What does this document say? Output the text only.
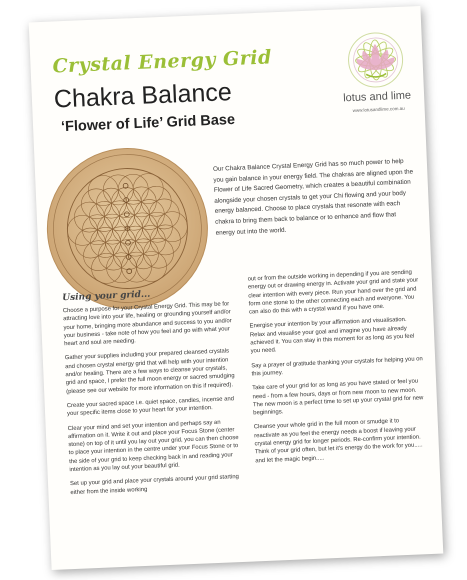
Crystal Energy Grid
Chakra Balance
‘Flower of Life’ Grid Base
lotus and lime
www.lotusandlime.com.au

Our Chakra Balance Crystal Energy Grid has so much power to help you gain balance in your energy field. The chakras are aligned upon the Flower of Life Sacred Geometry, which creates a beautiful combination alongside your chosen crystals to get your Chi flowing and your body energy balanced. Choose to place crystals that resonate with each chakra to bring them back to balance or to enhance and flow that energy out into the world.

Using your grid...

Choose a purpose for your Crystal Energy Grid. This may be for attracting love into your life, healing or grounding yourself and/or your home, bringing more abundance and success to you and/or your business - take note of how you feel and go with what your heart and soul are needing.

Gather your supplies including your prepared cleansed crystals and chosen crystal energy grid that will help with your intention and/or healing. There are a few ways to cleanse your crystals, grid and space, I prefer the full moon energy or sacred smudging (please see our website for more information on this if required).

Create your sacred space i.e. quiet space, candles, incense and your specific items close to your heart for your intention.

Clear your mind and set your intention and perhaps say an affirmation on it. Write it out and place your Focus Stone (center stone) on top of it until you lay out your grid, you can then choose to place your intention in the centre under your Focus Stone or to the side of your grid to keep checking back in and reading your intention as you lay out your beautiful grid.

Set up your grid and place your crystals around your grid starting either from the inside working

out or from the outside working in depending if you are sending energy out or drawing energy in. Activate your grid and state your clear intention with every piece. Run your hand over the grid and form one stone to the other connecting each and everyone. You can also do this with a crystal wand if you have one.

Energise your intention by your affirmation and visualisation. Relax and visualise your goal and imagine you have already achieved it. You can stay in this moment for as long as you feel you need.

Say a prayer of gratitude thanking your crystals for helping you on this journey.

Take care of your grid for as long as you have stated or feel you need - from a few hours, days or from new moon to new moon. The new moon is a perfect time to set up your crystal grid for new beginnings.

Cleanse your whole grid in the full moon or smudge it to reactivate as you feel the energy needs a boost if leaving your crystal energy grid for longer periods. Re-confirm your intention. Think of your grid often, but let it's energy do the work for you..... and let the magic begin.....
